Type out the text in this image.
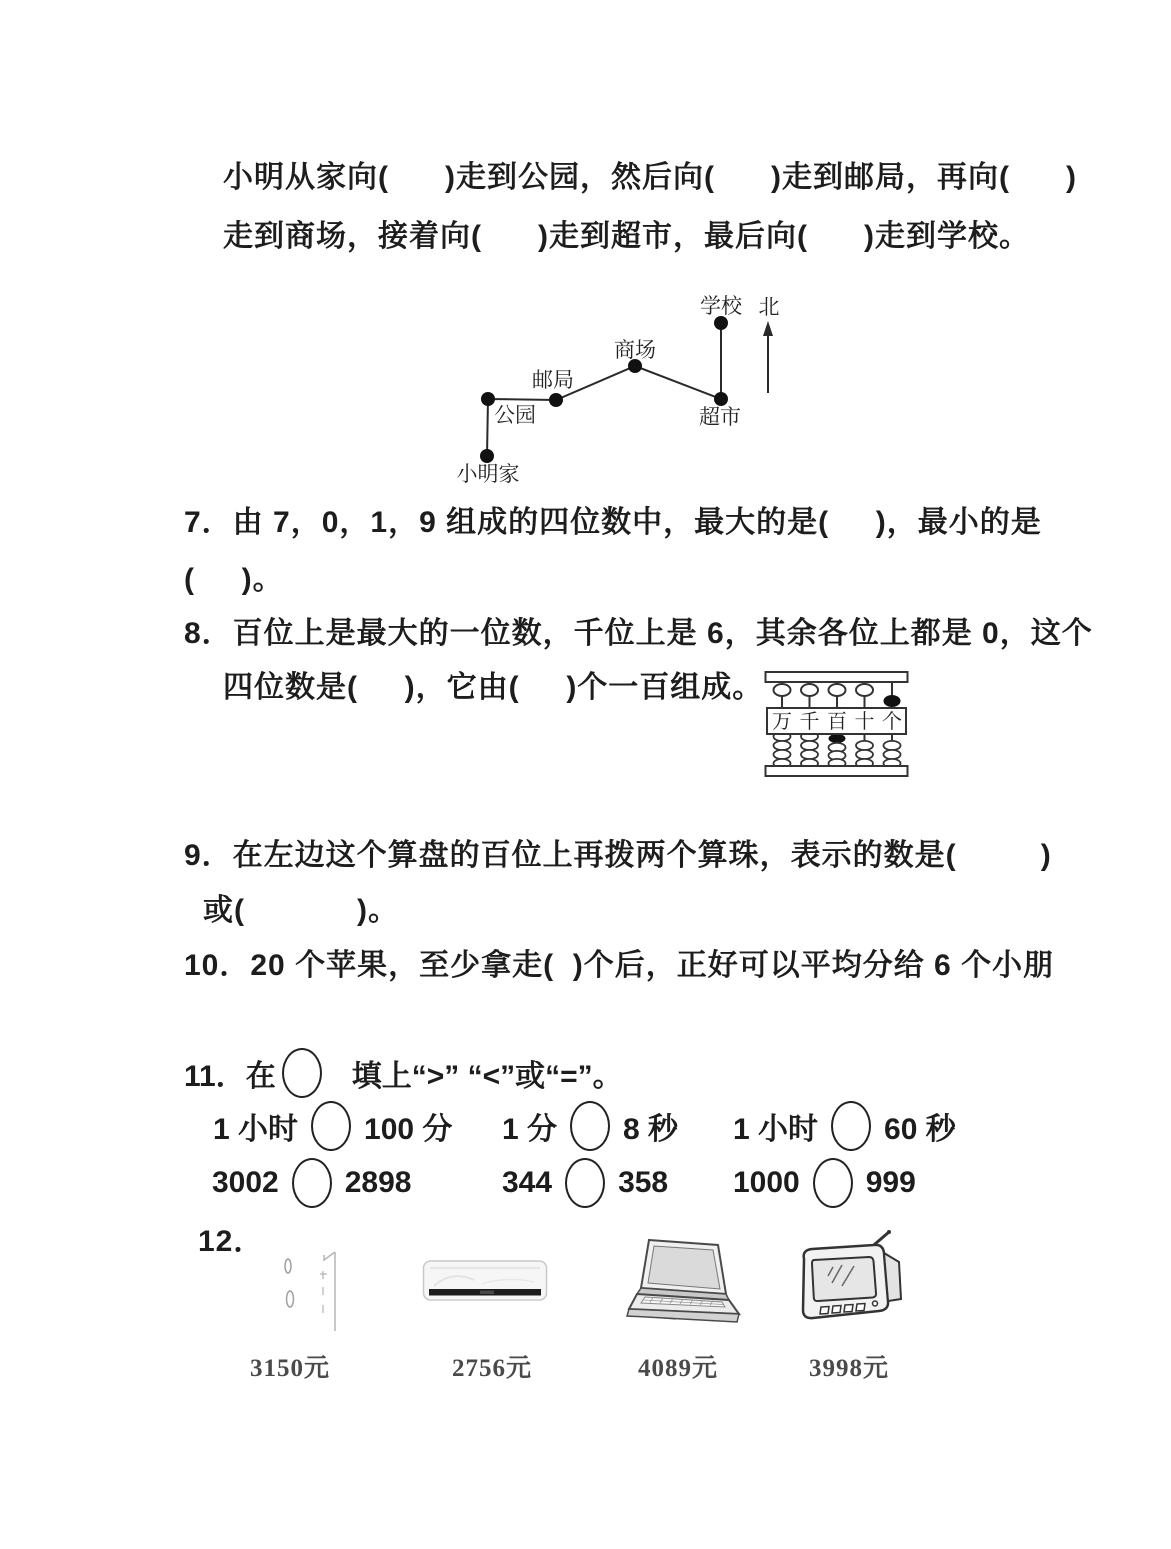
小明从家向(      )走到公园，然后向(      )走到邮局，再向(      )
走到商场，接着向(      )走到超市，最后向(      )走到学校。
学校 北
商场
邮局
公园	超市
小明家
7．由 7，0，1，9 组成的四位数中，最大的是(     )，最小的是
(     )。
8．百位上是最大的一位数，千位上是 6，其余各位上都是 0，这个
四位数是(     )，它由(     )个一百组成。
万 千 百 十 个
9．在左边这个算盘的百位上再拨两个算珠，表示的数是(         )
或(            )。
10．20 个苹果，至少拿走(  )个后，正好可以平均分给 6 个小朋
11．在	填上“>” “<”或“=”。
1 小时 100 分 1 分 8 秒 1 小时 60 秒
3002 2898	344 358 1000 999
12．
3150元	2756元	4089元	3998元
